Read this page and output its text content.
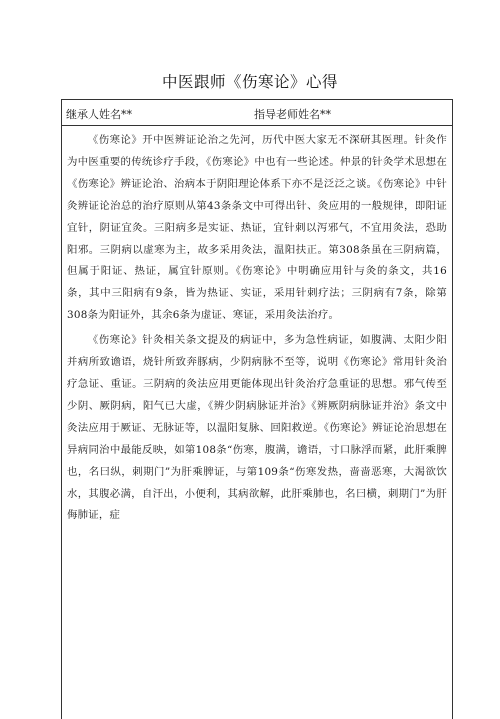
中医跟师《伤寒论》心得
继承人姓名**	指导老师姓名**

《伤寒论》开中医辨证论治之先河，历代中医大家无不深研其医理。针灸作为中医重要的传统诊疗手段，《伤寒论》中也有一些论述。仲景的针灸学术思想在《伤寒论》辨证论治、治病本于阴阳理论体系下亦不是泛泛之谈。《伤寒论》中针灸辨证论治总的治疗原则从第43条条文中可得出针、灸应用的一般规律，即阳证宜针，阴证宜灸。三阳病多是实证、热证，宜针刺以泻邪气，不宜用灸法，恐助阳邪。三阴病以虚寒为主，故多采用灸法，温阳扶正。第308条虽在三阴病篇，但属于阳证、热证，属宜针原则。《伤寒论》中明确应用针与灸的条文，共16条，其中三阳病有9条，皆为热证、实证，采用针刺疗法；三阴病有7条，除第308条为阳证外，其余6条为虚证、寒证，采用灸法治疗。

《伤寒论》针灸相关条文提及的病证中，多为急性病证，如腹满、太阳少阳并病所致谵语，烧针所致奔豚病，少阴病脉不至等，说明《伤寒论》常用针灸治疗急证、重证。三阴病的灸法应用更能体现出针灸治疗急重证的思想。邪气传至少阴、厥阴病，阳气已大虚，《辨少阴病脉证并治》《辨厥阴病脉证并治》条文中灸法应用于厥证、无脉证等，以温阳复脉、回阳救逆。《伤寒论》辨证论治思想在异病同治中最能反映，如第108条“伤寒，腹满，谵语，寸口脉浮而紧，此肝乘脾也，名曰纵，刺期门”为肝乘脾证，与第109条“伤寒发热，啬啬恶寒，大渴欲饮水，其腹必满，自汗出，小便利，其病欲解，此肝乘肺也，名曰横，刺期门”为肝侮肺证，症
